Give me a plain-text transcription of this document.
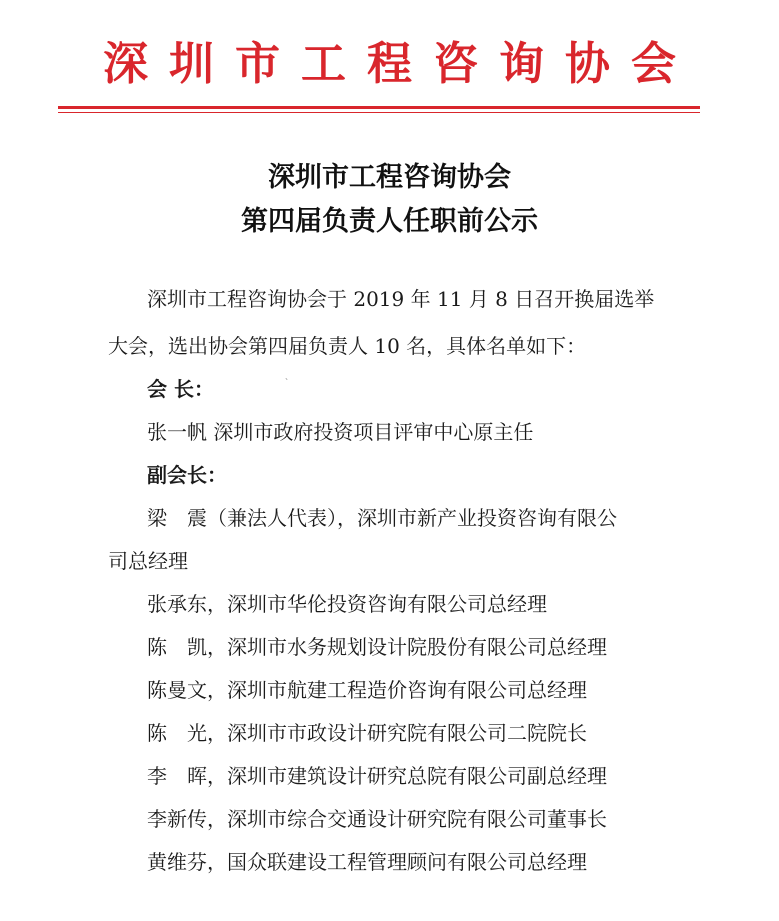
深圳市工程咨询协会
深圳市工程咨询协会
第四届负责人任职前公示
深圳市工程咨询协会于 2019 年 11 月 8 日召开换届选举
大会，选出协会第四届负责人 10 名，具体名单如下：
会 长：
、
张一帆 深圳市政府投资项目评审中心原主任
副会长：
梁　震（兼法人代表），深圳市新产业投资咨询有限公
司总经理
张承东，深圳市华伦投资咨询有限公司总经理
陈　凯，深圳市水务规划设计院股份有限公司总经理
陈曼文，深圳市航建工程造价咨询有限公司总经理
陈　光，深圳市市政设计研究院有限公司二院院长
李　晖，深圳市建筑设计研究总院有限公司副总经理
李新传，深圳市综合交通设计研究院有限公司董事长
黄维芬，国众联建设工程管理顾问有限公司总经理
